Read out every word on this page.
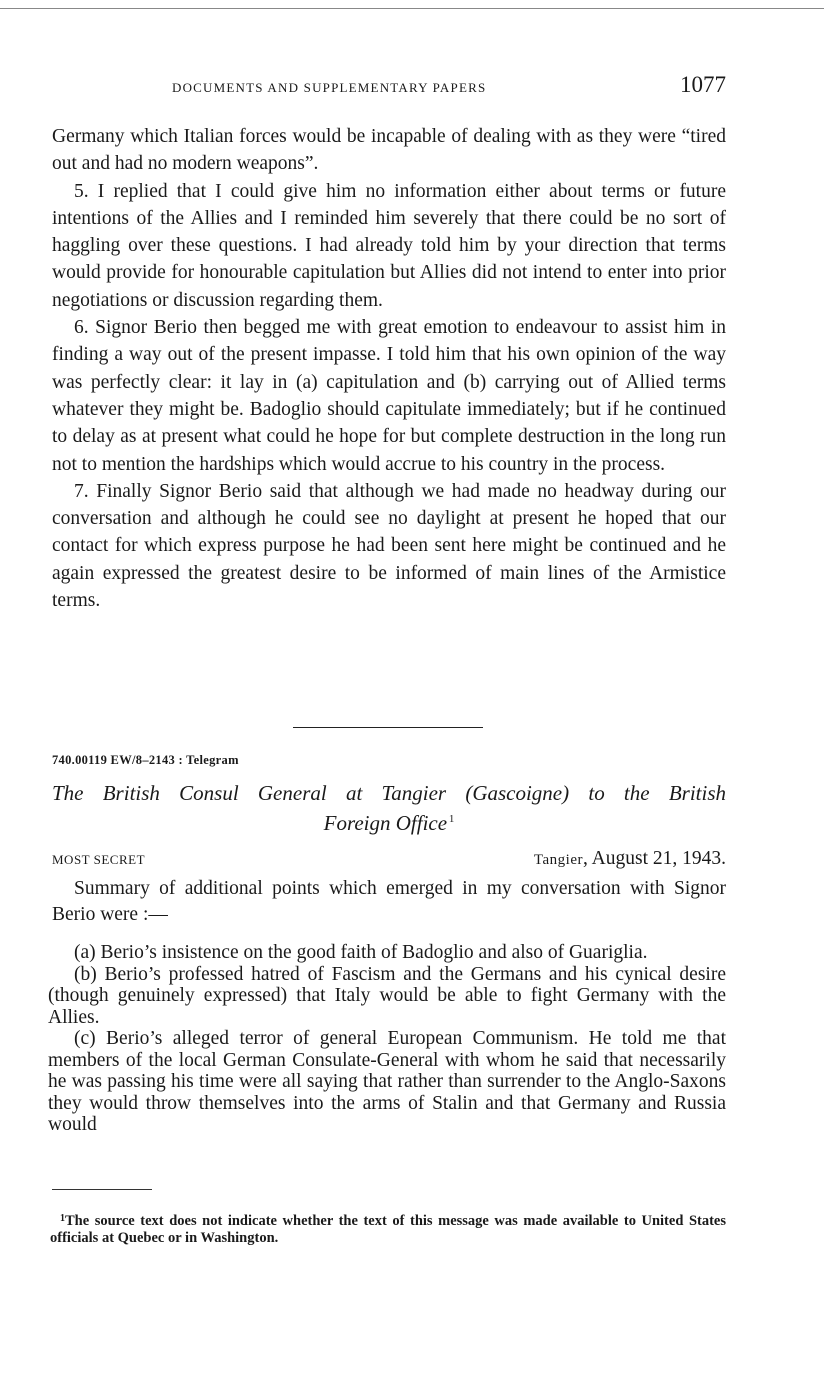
DOCUMENTS AND SUPPLEMENTARY PAPERS	1077

Germany which Italian forces would be incapable of dealing with as they were “tired out and had no modern weapons”.

5. I replied that I could give him no information either about terms or future intentions of the Allies and I reminded him severely that there could be no sort of haggling over these questions. I had already told him by your direction that terms would provide for honourable capitulation but Allies did not intend to enter into prior negotiations or discussion regarding them.

6. Signor Berio then begged me with great emotion to endeavour to assist him in finding a way out of the present impasse. I told him that his own opinion of the way was perfectly clear: it lay in (a) capitulation and (b) carrying out of Allied terms whatever they might be. Badoglio should capitulate immediately; but if he continued to delay as at present what could he hope for but complete destruction in the long run not to mention the hardships which would accrue to his country in the process.

7. Finally Signor Berio said that although we had made no headway during our conversation and although he could see no daylight at present he hoped that our contact for which express purpose he had been sent here might be continued and he again expressed the greatest desire to be informed of main lines of the Armistice terms.

740.00119 EW/8–2143 : Telegram
The British Consul General at Tangier (Gascoigne) to the British
Foreign Office  $^1$
MOST SECRET	Tangier, August 21, 1943.

Summary of additional points which emerged in my conversation with Signor Berio were :—

(a) Berio’s insistence on the good faith of Badoglio and also of Guariglia.

(b) Berio’s professed hatred of Fascism and the Germans and his cynical desire (though genuinely expressed) that Italy would be able to fight Germany with the Allies.

(c) Berio’s alleged terror of general European Communism. He told me that members of the local German Consulate-General with whom he said that necessarily he was passing his time were all saying that rather than surrender to the Anglo-Saxons they would throw themselves into the arms of Stalin and that Germany and Russia would

$^1$The source text does not indicate whether the text of this message was made available to United States officials at Quebec or in Washington.
